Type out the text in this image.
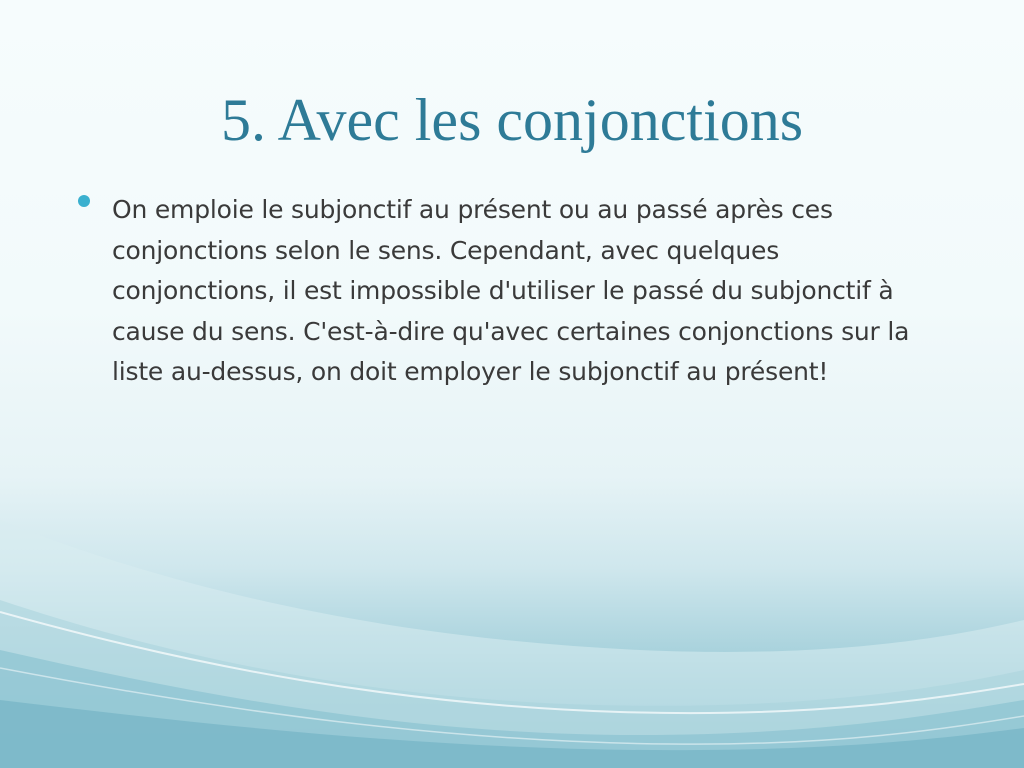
5. Avec les conjonctions
On emploie le subjonctif au présent ou au passé après ces conjonctions selon le sens. Cependant, avec quelques conjonctions, il est impossible d'utiliser le passé du subjonctif à cause du sens. C'est-à-dire qu'avec certaines conjonctions sur la liste au-dessus, on doit employer le subjonctif au présent!
